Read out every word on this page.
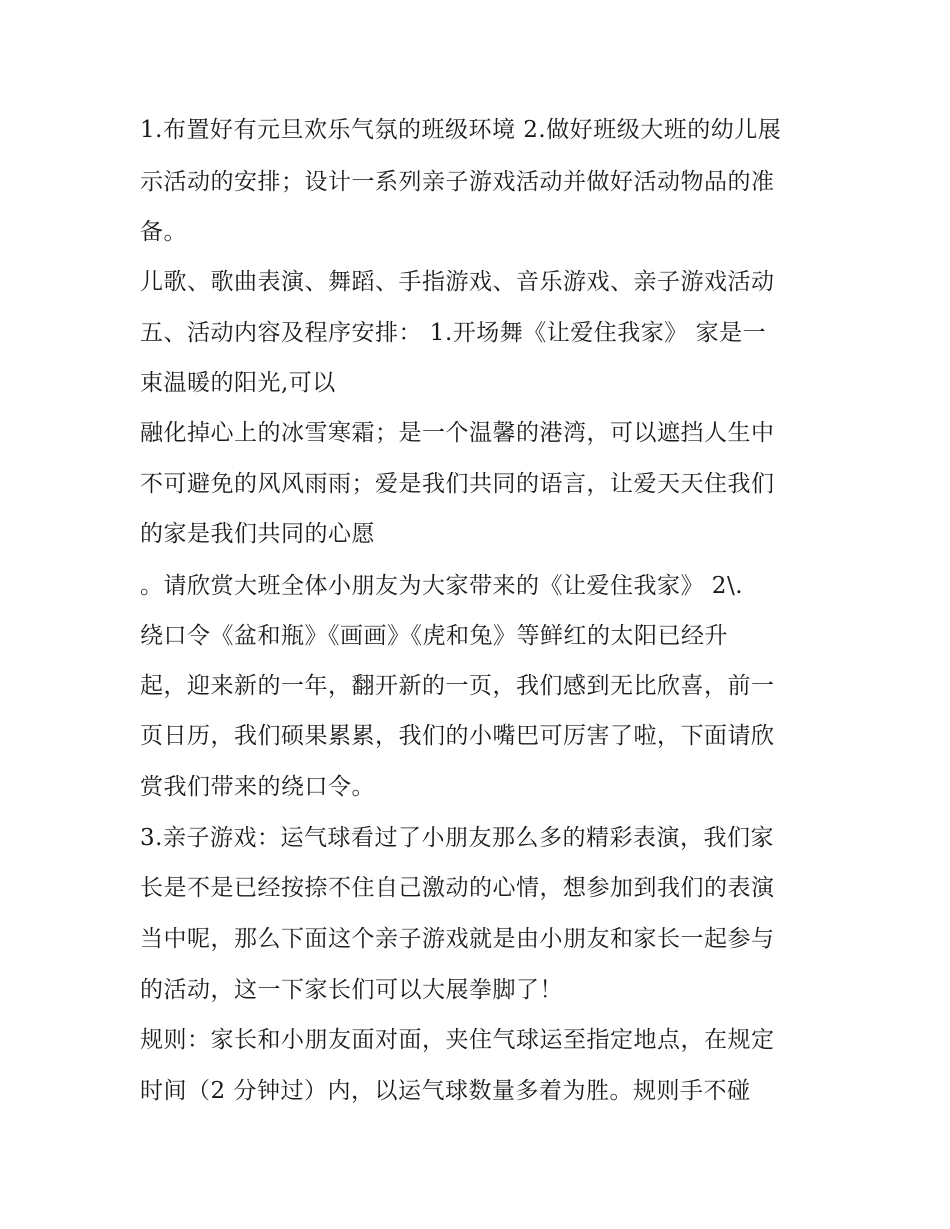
1.布置好有元旦欢乐气氛的班级环境 2.做好班级大班的幼儿展
示活动的安排；设计一系列亲子游戏活动并做好活动物品的准
备。
儿歌、歌曲表演、舞蹈、手指游戏、音乐游戏、亲子游戏活动
五、活动内容及程序安排： 1.开场舞《让爱住我家》 家是一
束温暖的阳光,可以
融化掉心上的冰雪寒霜；是一个温馨的港湾，可以遮挡人生中
不可避免的风风雨雨；爱是我们共同的语言，让爱天天住我们
的家是我们共同的心愿
。请欣赏大班全体小朋友为大家带来的《让爱住我家》 2\.
绕口令《盆和瓶》《画画》《虎和兔》等鲜红的太阳已经升
起，迎来新的一年，翻开新的一页，我们感到无比欣喜，前一
页日历，我们硕果累累，我们的小嘴巴可厉害了啦，下面请欣
赏我们带来的绕口令。
3.亲子游戏：运气球看过了小朋友那么多的精彩表演，我们家
长是不是已经按捺不住自己激动的心情，想参加到我们的表演
当中呢，那么下面这个亲子游戏就是由小朋友和家长一起参与
的活动，这一下家长们可以大展拳脚了！
规则：家长和小朋友面对面，夹住气球运至指定地点，在规定
时间（2 分钟过）内，以运气球数量多着为胜。规则手不碰
